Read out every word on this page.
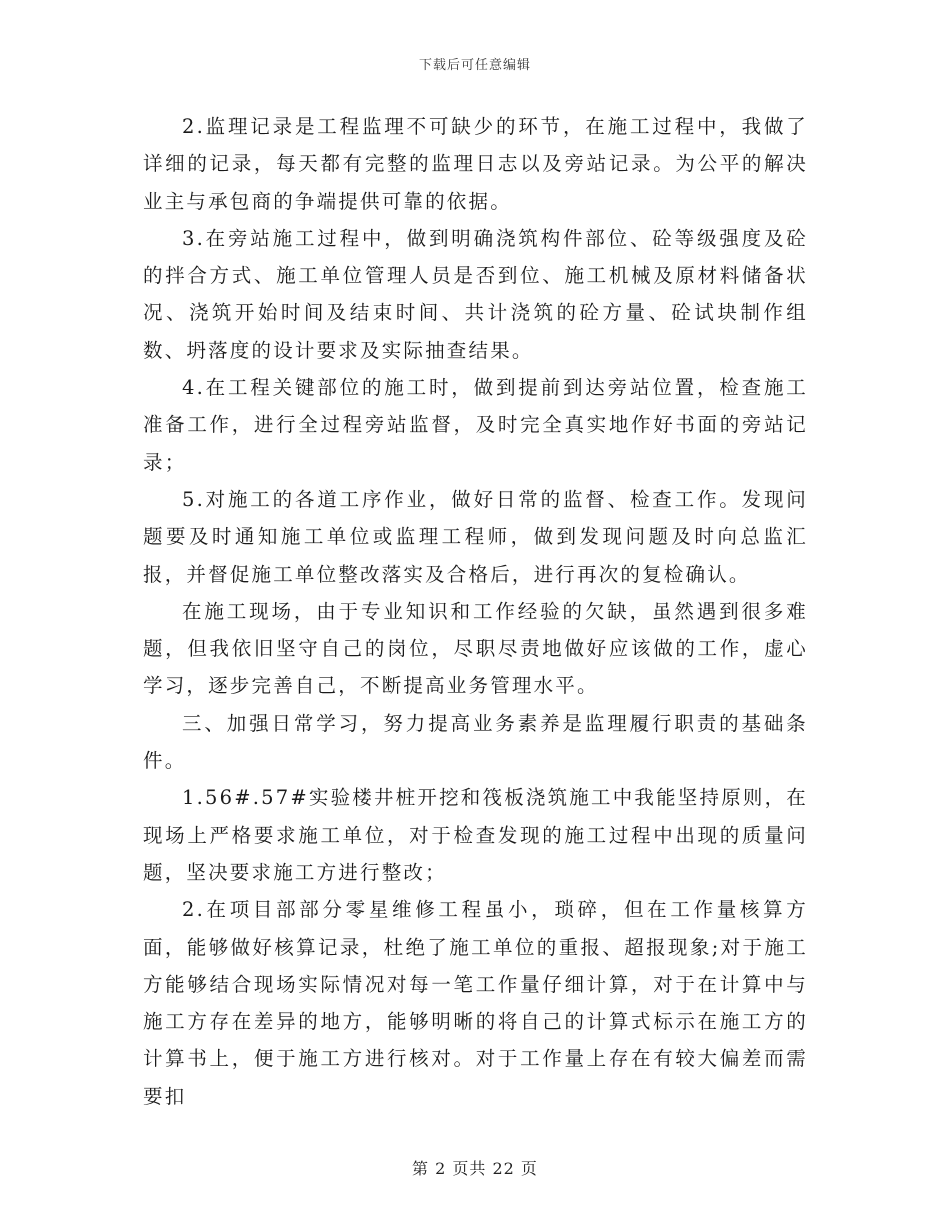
下载后可任意编辑

2.监理记录是工程监理不可缺少的环节，在施工过程中，我做了详细的记录，每天都有完整的监理日志以及旁站记录。为公平的解决业主与承包商的争端提供可靠的依据。

3.在旁站施工过程中，做到明确浇筑构件部位、砼等级强度及砼的拌合方式、施工单位管理人员是否到位、施工机械及原材料储备状况、浇筑开始时间及结束时间、共计浇筑的砼方量、砼试块制作组数、坍落度的设计要求及实际抽查结果。

4.在工程关键部位的施工时，做到提前到达旁站位置，检查施工准备工作，进行全过程旁站监督，及时完全真实地作好书面的旁站记录；

5.对施工的各道工序作业，做好日常的监督、检查工作。发现问题要及时通知施工单位或监理工程师，做到发现问题及时向总监汇报，并督促施工单位整改落实及合格后，进行再次的复检确认。

在施工现场，由于专业知识和工作经验的欠缺，虽然遇到很多难题，但我依旧坚守自己的岗位，尽职尽责地做好应该做的工作，虚心学习，逐步完善自己，不断提高业务管理水平。

三、加强日常学习，努力提高业务素养是监理履行职责的基础条件。

1.56#.57#实验楼井桩开挖和筏板浇筑施工中我能坚持原则，在现场上严格要求施工单位，对于检查发现的施工过程中出现的质量问题，坚决要求施工方进行整改；

2.在项目部部分零星维修工程虽小，琐碎，但在工作量核算方面，能够做好核算记录，杜绝了施工单位的重报、超报现象;对于施工方能够结合现场实际情况对每一笔工作量仔细计算，对于在计算中与施工方存在差异的地方，能够明晰的将自己的计算式标示在施工方的计算书上，便于施工方进行核对。对于工作量上存在有较大偏差而需要扣

第 2 页共 22 页
